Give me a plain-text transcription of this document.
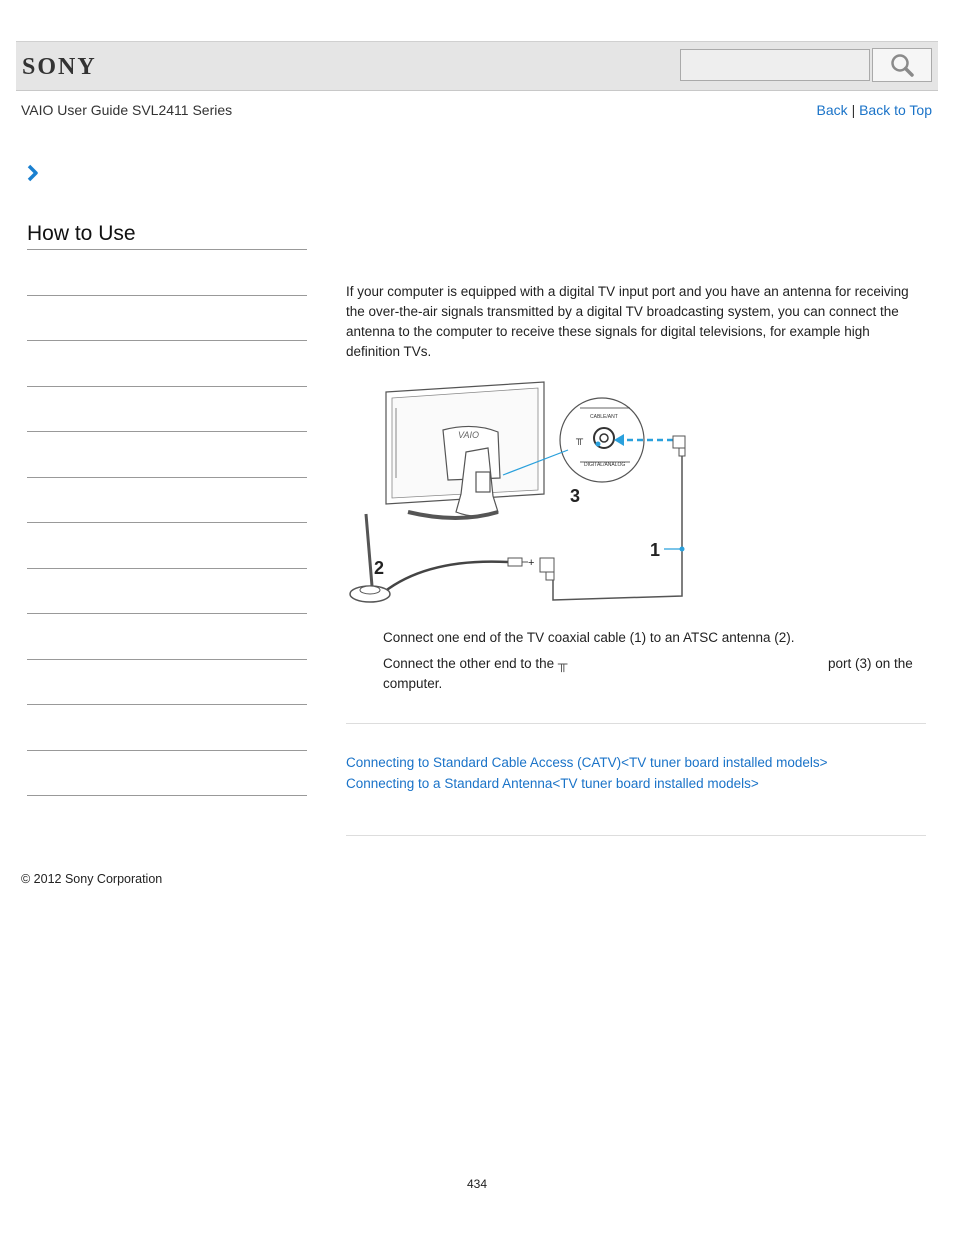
SONY
VAIO User Guide SVL2411 Series	Back | Back to Top
How to Use
If your computer is equipped with a digital TV input port and you have an antenna for receiving the over-the-air signals transmitted by a digital TV broadcasting system, you can connect the antenna to the computer to receive these signals for digital televisions, for example high definition TVs.
VAIO
CABLE/ANT
DIGITAL/ANALOG
╥
1
+
2
3
Connect one end of the TV coaxial cable (1) to an ATSC antenna (2).
Connect the other end to the ╥	port (3) on the

computer.
Connecting to Standard Cable Access (CATV)<TV tuner board installed models>
Connecting to a Standard Antenna<TV tuner board installed models>
© 2012 Sony Corporation
434
